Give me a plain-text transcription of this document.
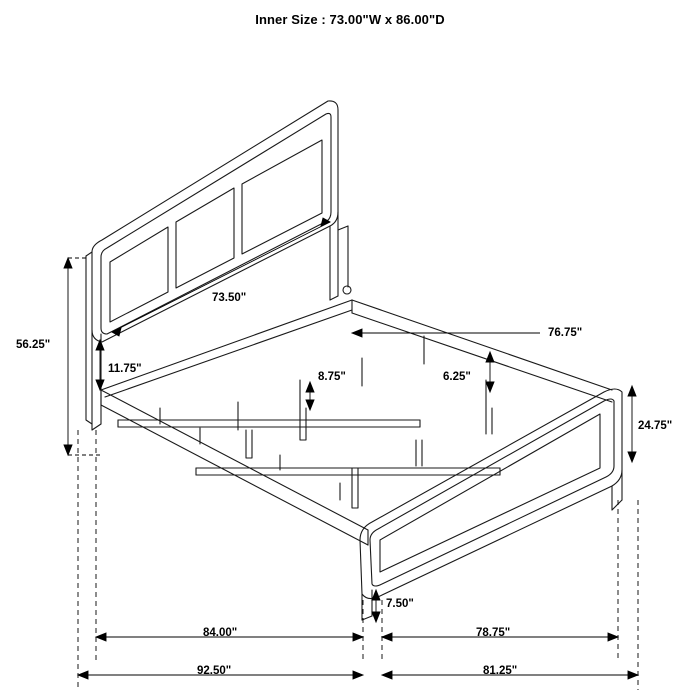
Inner Size : 73.00"W x 86.00"D
73.50"
56.25"
11.75"
8.75"
76.75"
6.25"
24.75"
7.50"
84.00"	78.75"
92.50"	81.25"
